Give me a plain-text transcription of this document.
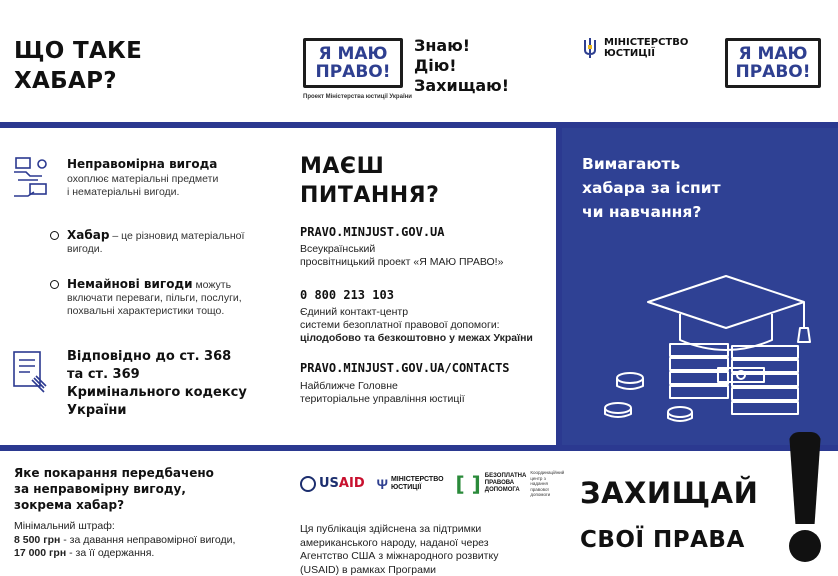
ЩО ТАКЕ
ХАБАР?
Я МАЮ
ПРАВО!
Проект Міністерства юстиції України
Знаю!
Дію!
Захищаю!
МІНІСТЕРСТВО
ЮСТИЦІЇ	Я МАЮ
ПРАВО!
Неправомірна вигода
охоплює матеріальні предмети
і нематеріальні вигоди.
Хабар – це різновид матеріальної
вигоди.
Немайнові вигоди можуть
включати переваги, пільги, послуги,
похвальні характеристики тощо.
Відповідно до ст. 368
та ст. 369
Кримінального кодексу
України
МАЄШ
ПИТАННЯ?
PRAVO.MINJUST.GOV.UA
Всеукраїнський
просвітницький проект «Я МАЮ ПРАВО!»
0 800 213 103
Єдиний контакт-центр
системи безоплатної правової допомоги:
цілодобово та безкоштовно у межах України
PRAVO.MINJUST.GOV.UA/CONTACTS
Найближче Головне
територіальне управління юстиції
Вимагають
хабара за іспит
чи навчання?
Яке покарання передбачено
за неправомірну вигоду,
зокрема хабар?
Мінімальний штраф:
8 500 грн - за давання неправомірної вигоди,
17 000 грн - за її одержання.
USAID Ψ МІНІСТЕРСТВО
ЮСТИЦІЇ	[ ] БЕЗОПЛАТНА
ПРАВОВА
ДОПОМОГА
Координаційний центр з надання правової допомоги
Ця публікація здійснена за підтримки
американського народу, наданої через
Агентство США з міжнародного розвитку
(USAID) в рамках Програми
ЗАХИЩАЙ
СВОЇ ПРАВА
